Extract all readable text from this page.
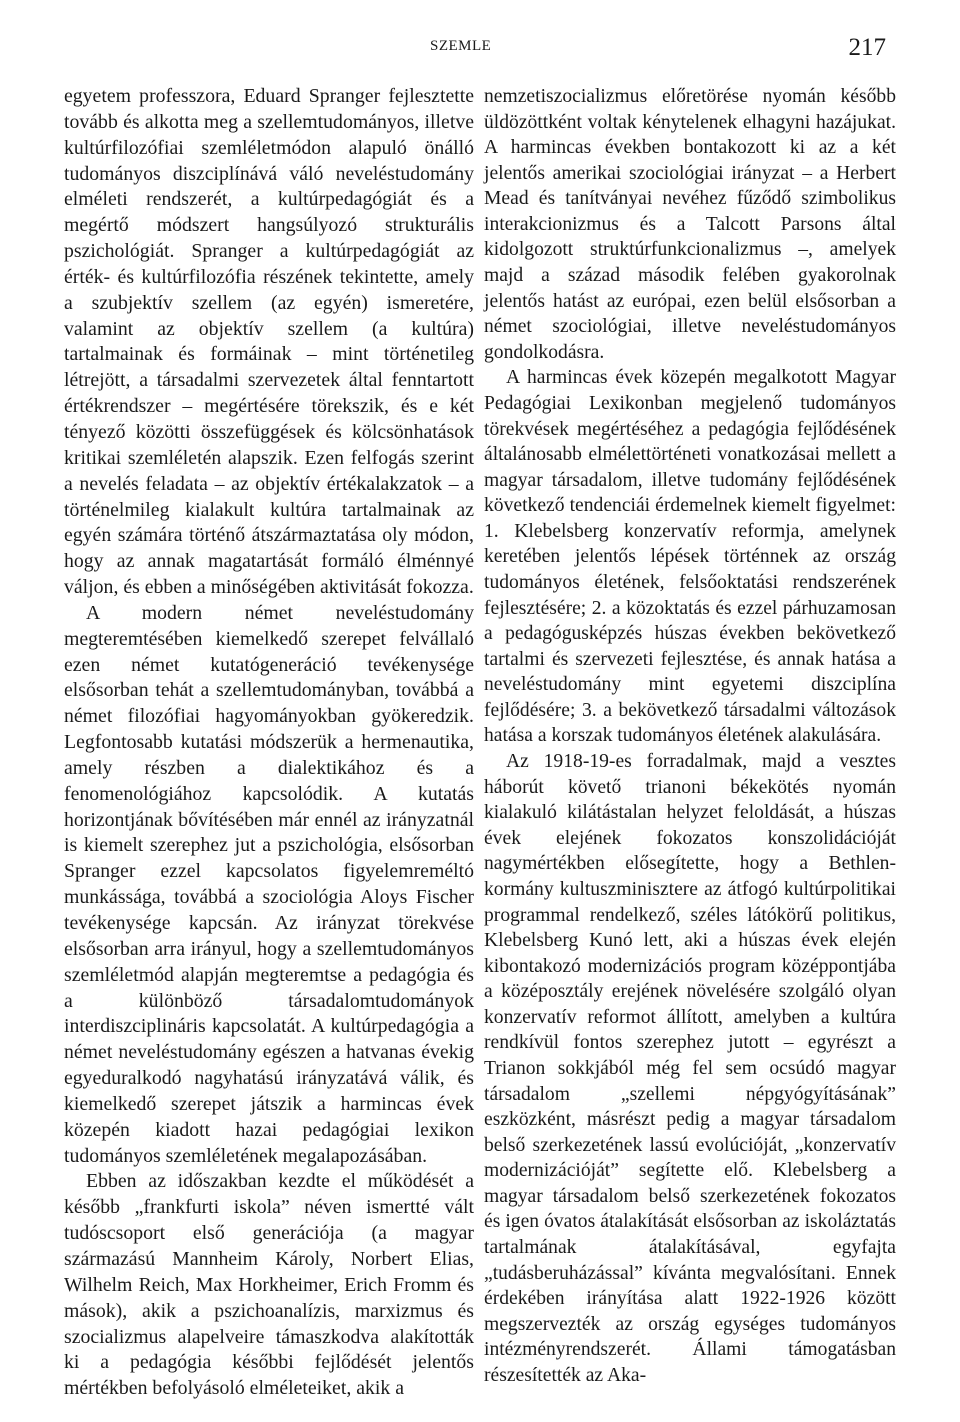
SZEMLE	217

egyetem professzora, Eduard Spranger fejlesztette tovább és alkotta meg a szellemtudományos, illetve kultúrfilozófiai szemléletmódon alapuló önálló tudományos diszciplínává váló neveléstudomány elméleti rendszerét, a kultúrpedagógiát és a megértő módszert hangsúlyozó strukturális pszichológiát. Spranger a kultúrpedagógiát az érték- és kultúrfilozófia részének tekintette, amely a szubjektív szellem (az egyén) ismeretére, valamint az objektív szellem (a kultúra) tartalmainak és formáinak – mint történetileg létrejött, a társadalmi szervezetek által fenntartott értékrendszer – megértésére törekszik, és e két tényező közötti összefüggések és kölcsönhatások kritikai szemléletén alapszik. Ezen felfogás szerint a nevelés feladata – az objektív értékalakzatok – a történelmileg kialakult kultúra tartalmainak az egyén számára történő átszármaztatása oly módon, hogy az annak magatartását formáló élménnyé váljon, és ebben a minőségében aktivitását fokozza.

A modern német neveléstudomány megteremtésében kiemelkedő szerepet felvállaló ezen német kutatógeneráció tevékenysége elsősorban tehát a szellemtudományban, továbbá a német filozófiai hagyományokban gyökeredzik. Legfontosabb kutatási módszerük a hermenautika, amely részben a dialektikához és a fenomenológiához kapcsolódik. A kutatás horizontjának bővítésében már ennél az irányzatnál is kiemelt szerephez jut a pszichológia, elsősorban Spranger ezzel kapcsolatos figyelemreméltó munkássága, továbbá a szociológia Aloys Fischer tevékenysége kapcsán. Az irányzat törekvése elsősorban arra irányul, hogy a szellemtudományos szemléletmód alapján megteremtse a pedagógia és a különböző társadalomtudományok interdiszciplináris kapcsolatát. A kultúrpedagógia a német neveléstudomány egészen a hatvanas évekig egyeduralkodó nagyhatású irányzatává válik, és kiemelkedő szerepet játszik a harmincas évek közepén kiadott hazai pedagógiai lexikon tudományos szemléletének megalapozásában.

Ebben az időszakban kezdte el működését a később „frankfurti iskola” néven ismertté vált tudóscsoport első generációja (a magyar származású Mannheim Károly, Norbert Elias, Wilhelm Reich, Max Horkheimer, Erich Fromm és mások), akik a pszichoanalízis, marxizmus és szocializmus alapelveire támaszkodva alakították ki a pedagógia későbbi fejlődését jelentős mértékben befolyásoló elméleteiket, akik a

nemzetiszocializmus előretörése nyomán később üldözöttként voltak kénytelenek elhagyni hazájukat. A harmincas években bontakozott ki az a két jelentős amerikai szociológiai irányzat – a Herbert Mead és tanítványai nevéhez fűződő szimbolikus interakcionizmus és a Talcott Parsons által kidolgozott struktúrfunkcionalizmus –, amelyek majd a század második felében gyakorolnak jelentős hatást az európai, ezen belül elsősorban a német szociológiai, illetve neveléstudományos gondolkodásra.

A harmincas évek közepén megalkotott Magyar Pedagógiai Lexikonban megjelenő tudományos törekvések megértéséhez a pedagógia fejlődésének általánosabb elmélettörténeti vonatkozásai mellett a magyar társadalom, illetve tudomány fejlődésének következő tendenciái érdemelnek kiemelt figyelmet: 1. Klebelsberg konzervatív reformja, amelynek keretében jelentős lépések történnek az ország tudományos életének, felsőoktatási rendszerének fejlesztésére; 2. a közoktatás és ezzel párhuzamosan a pedagógusképzés húszas években bekövetkező tartalmi és szervezeti fejlesztése, és annak hatása a neveléstudomány mint egyetemi diszciplína fejlődésére; 3. a bekövetkező társadalmi változások hatása a korszak tudományos életének alakulására.

Az 1918-19-es forradalmak, majd a vesztes háborút követő trianoni békekötés nyomán kialakuló kilátástalan helyzet feloldását, a húszas évek elejének fokozatos konszolidációját nagymértékben elősegítette, hogy a Bethlen-kormány kultuszminisztere az átfogó kultúrpolitikai programmal rendelkező, széles látókörű politikus, Klebelsberg Kunó lett, aki a húszas évek elején kibontakozó modernizációs program középpontjába a középosztály erejének növelésére szolgáló olyan konzervatív reformot állított, amelyben a kultúra rendkívül fontos szerephez jutott – egyrészt a Trianon sokkjából még fel sem ocsúdó magyar társadalom „szellemi népgyógyításának” eszközként, másrészt pedig a magyar társadalom belső szerkezetének lassú evolúcióját, „konzervatív modernizációját” segítette elő. Klebelsberg a magyar társadalom belső szerkezetének fokozatos és igen óvatos átalakítását elsősorban az iskoláztatás tartalmának átalakításával, egyfajta „tudásberuházással” kívánta megvalósítani. Ennek érdekében irányítása alatt 1922-1926 között megszervezték az ország egységes tudományos intézményrendszerét. Állami támogatásban részesítették az Aka-
